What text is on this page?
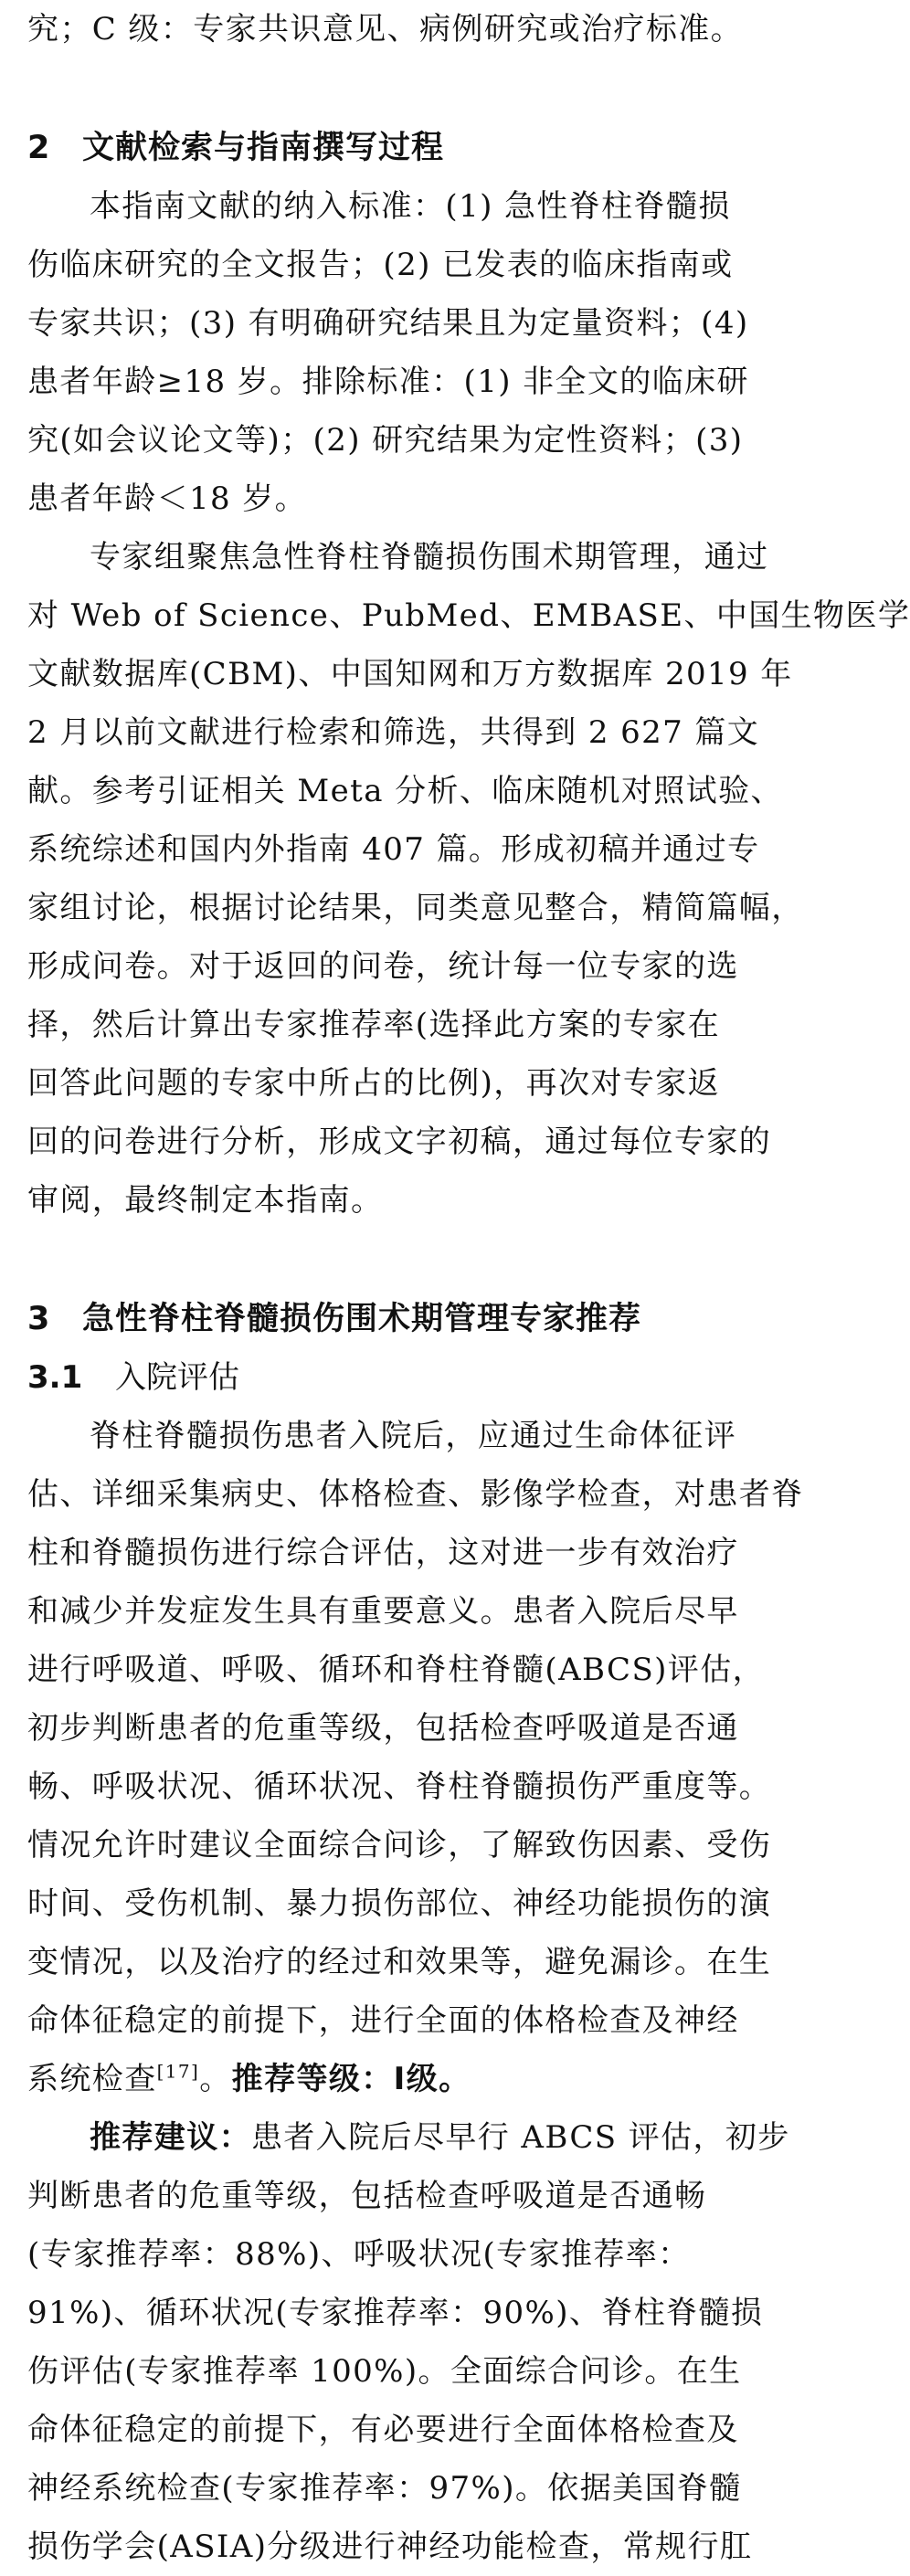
究；C 级：专家共识意见、病例研究或治疗标准。
2 文献检索与指南撰写过程
本指南文献的纳入标准：(1) 急性脊柱脊髓损
伤临床研究的全文报告；(2) 已发表的临床指南或
专家共识；(3) 有明确研究结果且为定量资料；(4)
患者年龄≥18 岁。排除标准：(1) 非全文的临床研
究(如会议论文等)；(2) 研究结果为定性资料；(3)
患者年龄＜18 岁。
专家组聚焦急性脊柱脊髓损伤围术期管理，通过
对 Web of Science、PubMed、EMBASE、中国生物医学
文献数据库(CBM)、中国知网和万方数据库 2019 年
2 月以前文献进行检索和筛选，共得到 2 627 篇文
献。参考引证相关 Meta 分析、临床随机对照试验、
系统综述和国内外指南 407 篇。形成初稿并通过专
家组讨论，根据讨论结果，同类意见整合，精简篇幅，
形成问卷。对于返回的问卷，统计每一位专家的选
择，然后计算出专家推荐率(选择此方案的专家在
回答此问题的专家中所占的比例)，再次对专家返
回的问卷进行分析，形成文字初稿，通过每位专家的
审阅，最终制定本指南。
3 急性脊柱脊髓损伤围术期管理专家推荐
3.1 入院评估
脊柱脊髓损伤患者入院后，应通过生命体征评
估、详细采集病史、体格检查、影像学检查，对患者脊
柱和脊髓损伤进行综合评估，这对进一步有效治疗
和减少并发症发生具有重要意义。患者入院后尽早
进行呼吸道、呼吸、循环和脊柱脊髓(ABCS)评估，
初步判断患者的危重等级，包括检查呼吸道是否通
畅、呼吸状况、循环状况、脊柱脊髓损伤严重度等。
情况允许时建议全面综合问诊，了解致伤因素、受伤
时间、受伤机制、暴力损伤部位、神经功能损伤的演
变情况，以及治疗的经过和效果等，避免漏诊。在生
命体征稳定的前提下，进行全面的体格检查及神经
系统检查[17]。推荐等级：Ⅰ级。
推荐建议：患者入院后尽早行 ABCS 评估，初步
判断患者的危重等级，包括检查呼吸道是否通畅
(专家推荐率：88%)、呼吸状况(专家推荐率：
91%)、循环状况(专家推荐率：90%)、脊柱脊髓损
伤评估(专家推荐率 100%)。全面综合问诊。在生
命体征稳定的前提下，有必要进行全面体格检查及
神经系统检查(专家推荐率：97%)。依据美国脊髓
损伤学会(ASIA)分级进行神经功能检查，常规行肛
